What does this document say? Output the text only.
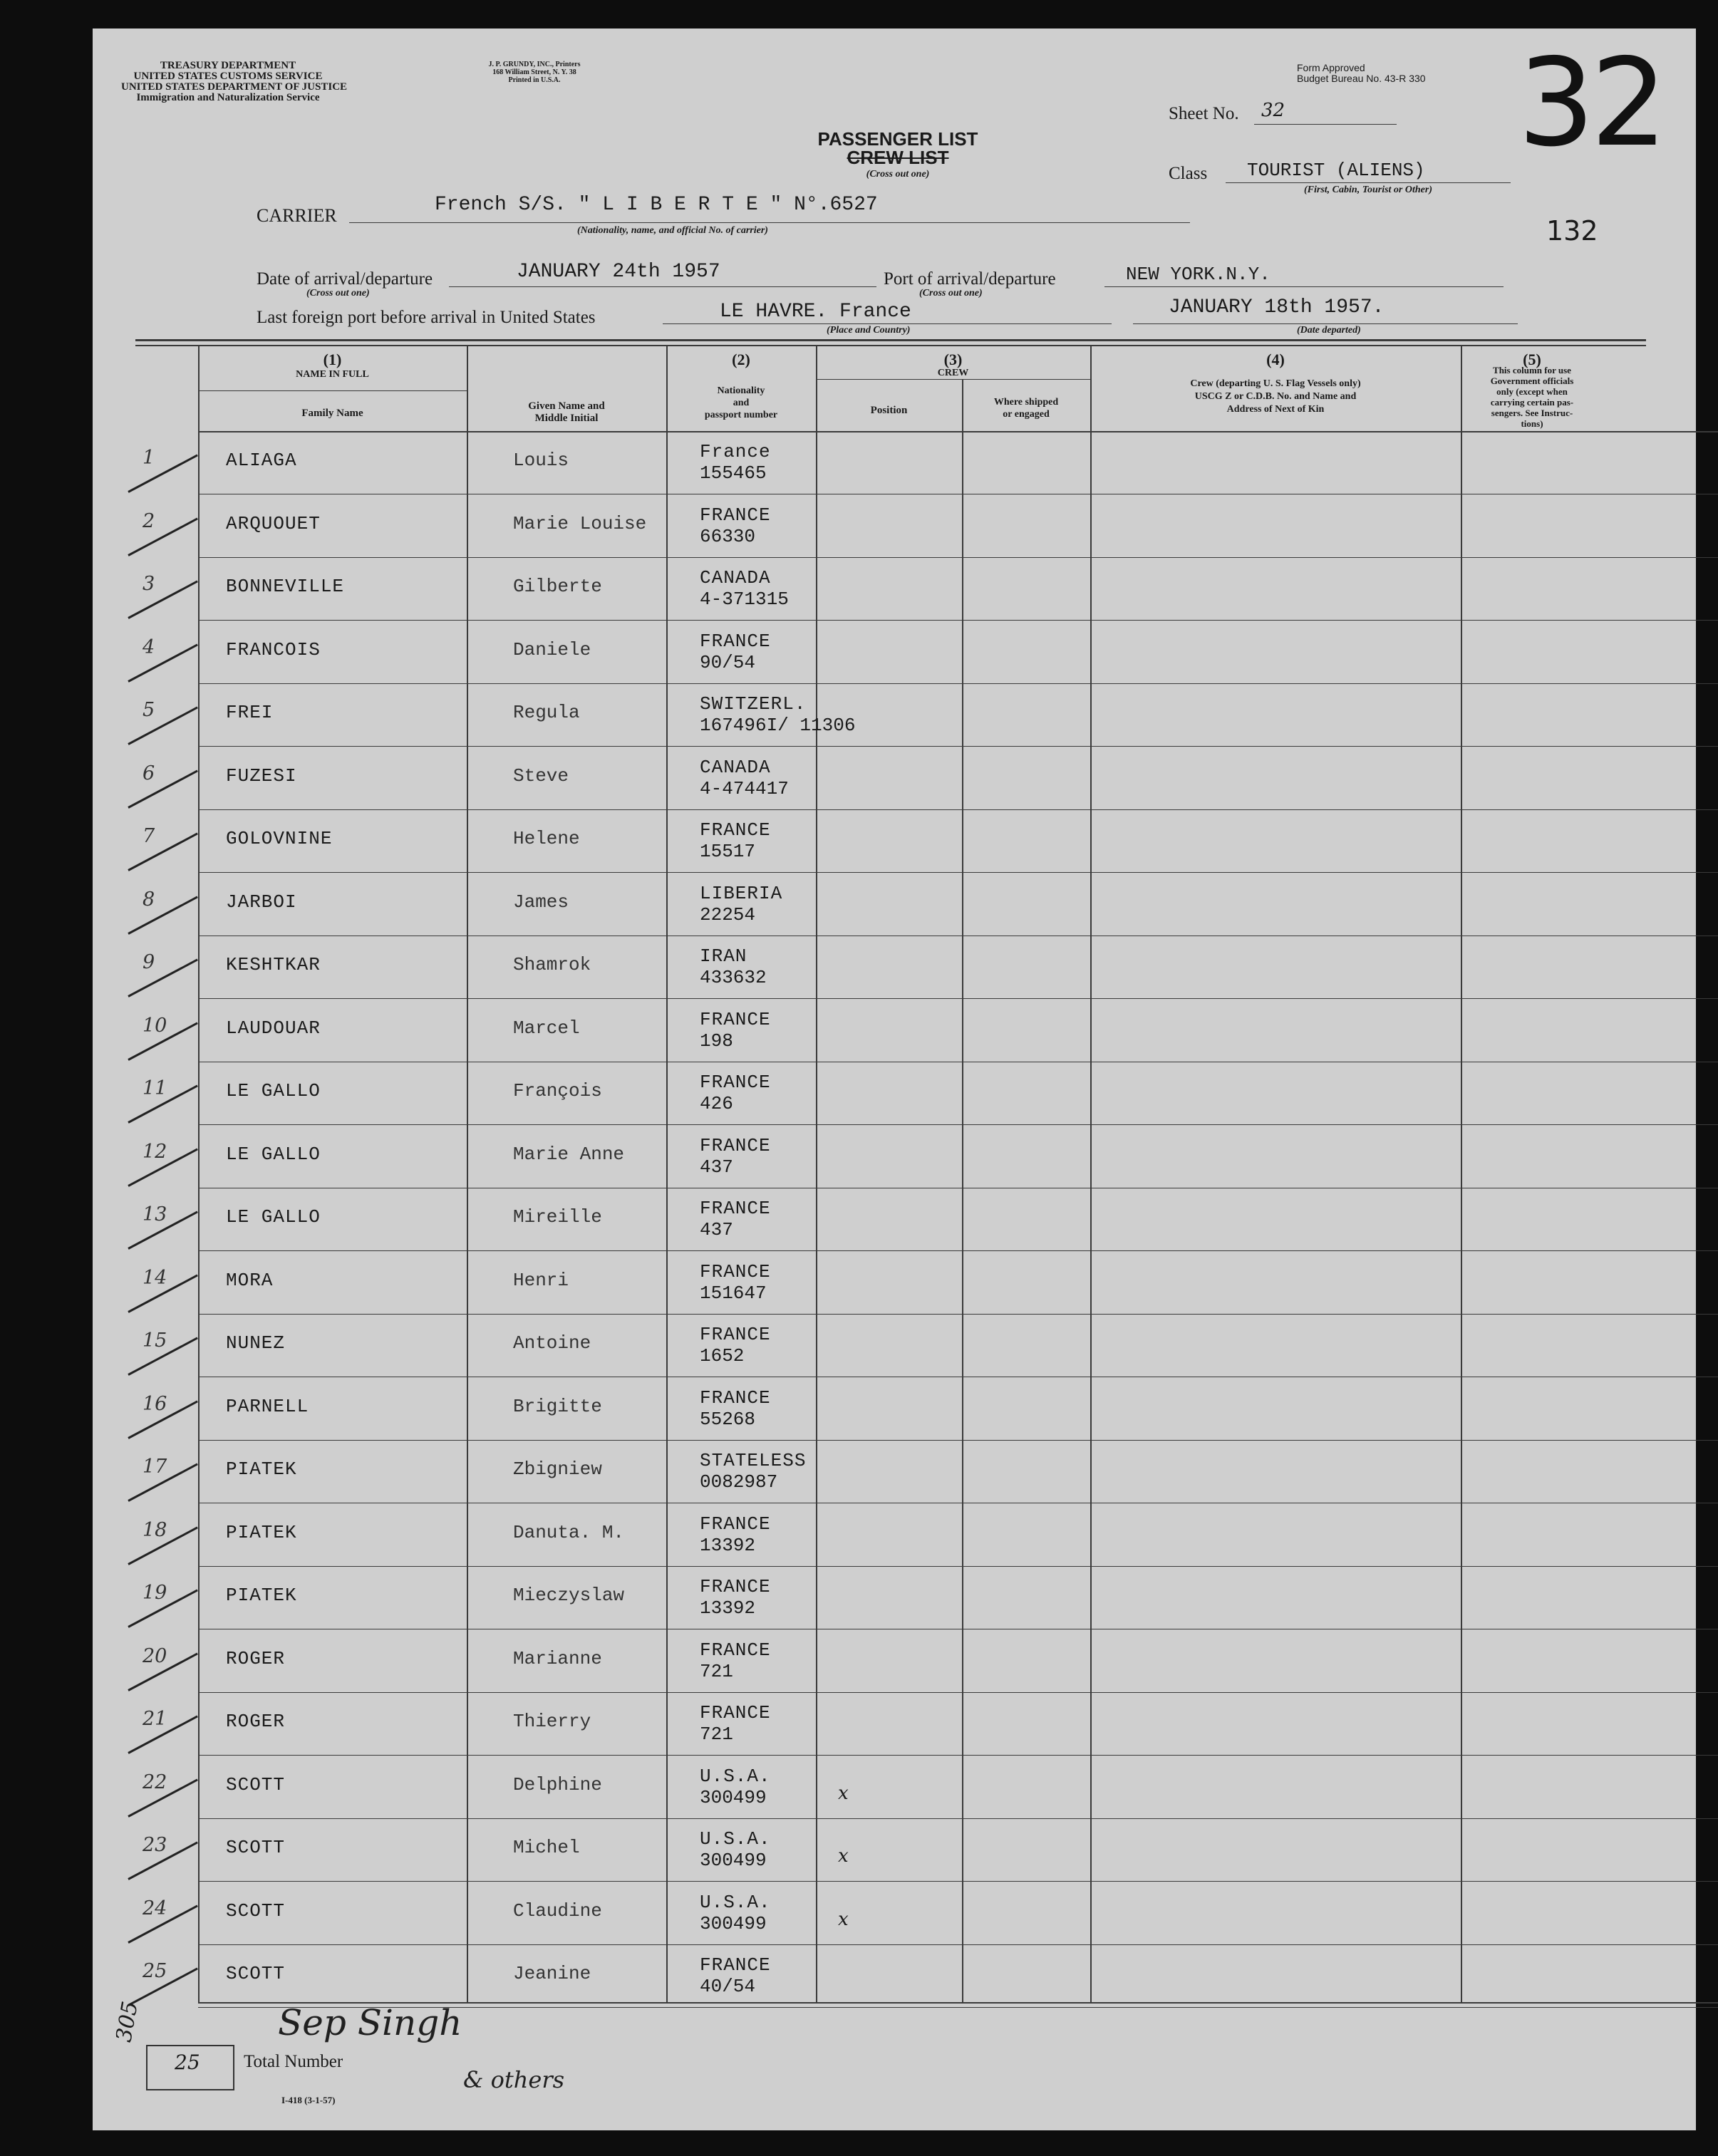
TREASURY DEPARTMENT
UNITED STATES CUSTOMS SERVICE
UNITED STATES DEPARTMENT OF JUSTICE
Immigration and Naturalization Service
J. P. GRUNDY, INC., Printers
168 William Street, N. Y. 38
Printed in U.S.A.
Form Approved
Budget Bureau No. 43-R 330 32
Sheet No. 32
PASSENGER LIST
CREW LIST
(Cross out one)	Class TOURIST (ALIENS)
(First, Cabin, Tourist or Other)
CARRIER	French S/S. " L I B E R T E " N°.6527
(Nationality, name, and official No. of carrier)	132
Date of arrival/departure	JANUARY 24th 1957
(Cross out one)
Port of arrival/departure	NEW YORK.N.Y.
(Cross out one)
Last foreign port before arrival in United States	LE HAVRE. France
(Place and Country)
JANUARY 18th 1957.
(Date departed)
(1)
NAME IN FULL
Family Name
Given Name and
Middle Initial
(2)
Nationality
and
passport number
(3)
CREW
Position
Where shipped
or engaged
(4)
Crew (departing U. S. Flag Vessels only)
USCG Z or C.D.B. No. and Name and
Address of Next of Kin
(5)
This column for use
Government officials
only (except when
carrying certain pas-
sengers. See Instruc-
tions)
1	ALIAGA	Louis	France
155465
2	ARQUOUET	Marie Louise	FRANCE
66330
3	BONNEVILLE	Gilberte	CANADA
4-371315
4	FRANCOIS	Daniele	FRANCE
90/54
5	FREI	Regula	SWITZERL.
167496I/ 11306
6	FUZESI	Steve	CANADA
4-474417
7	GOLOVNINE	Helene	FRANCE
15517
8	JARBOI	James	LIBERIA
22254
9	KESHTKAR	Shamrok	IRAN
433632
10	LAUDOUAR	Marcel	FRANCE
198
11	LE GALLO	François	FRANCE
426
12	LE GALLO	Marie Anne	FRANCE
437
13	LE GALLO	Mireille	FRANCE
437
14	MORA	Henri	FRANCE
151647
15	NUNEZ	Antoine	FRANCE
1652
16	PARNELL	Brigitte	FRANCE
55268
17	PIATEK	Zbigniew	STATELESS
0082987
18	PIATEK	Danuta. M.	FRANCE
13392
19	PIATEK	Mieczyslaw	FRANCE
13392
20	ROGER	Marianne	FRANCE
721
21	ROGER	Thierry	FRANCE
721
22	SCOTT	Delphine	U.S.A.
300499	x
23	SCOTT	Michel	U.S.A.
300499	x
24	SCOTT	Claudine	U.S.A.
300499	x
25	SCOTT	Jeanine	FRANCE
40/54
25 Total Number
305	Sep Singh
& others
I-418 (3-1-57)
